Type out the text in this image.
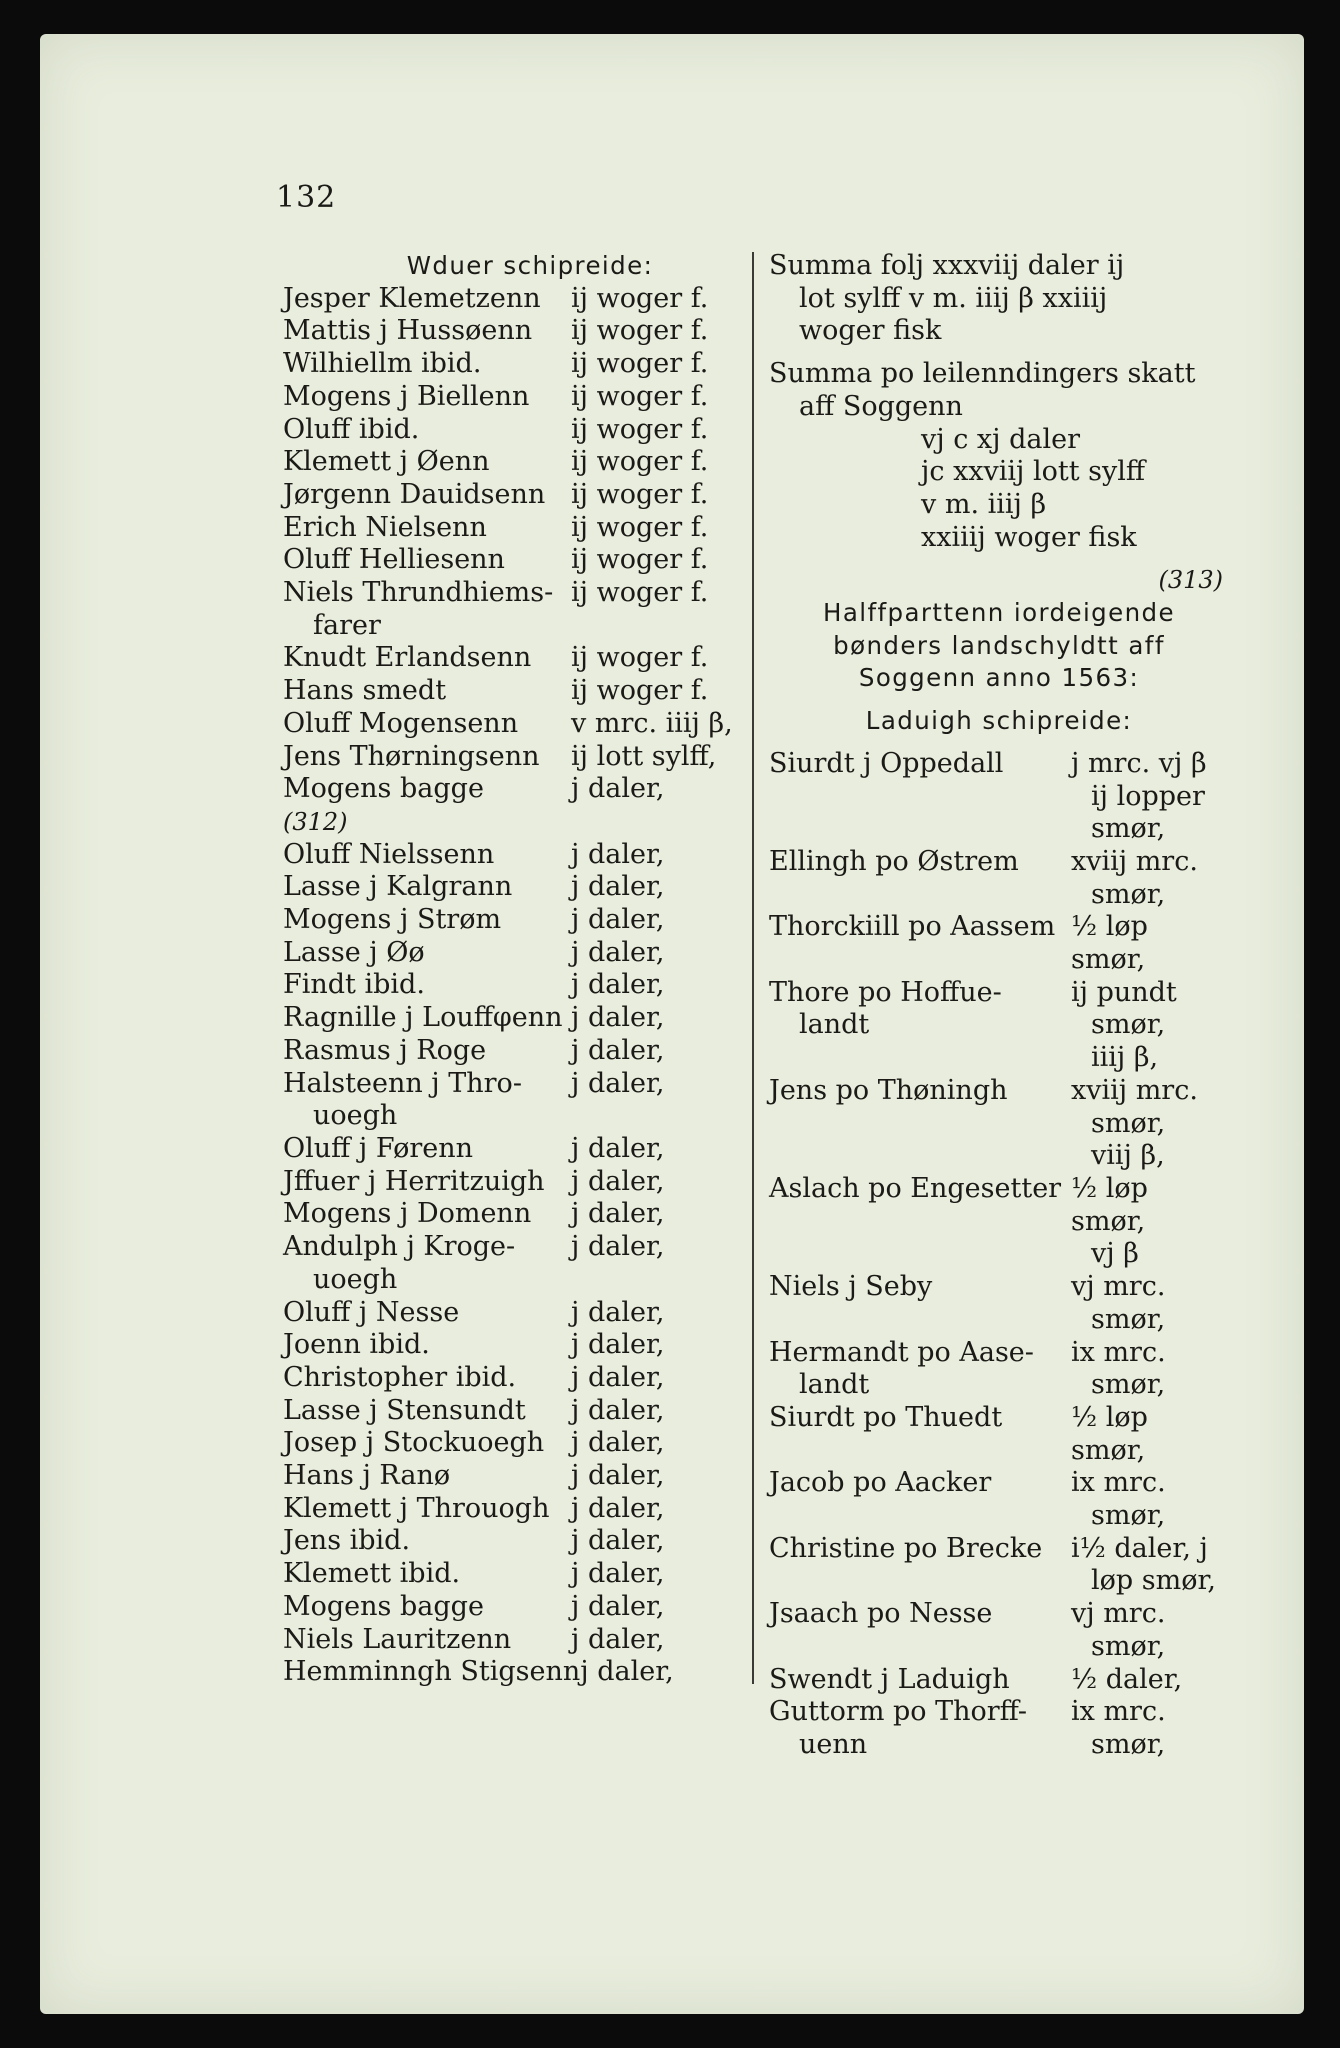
132
Wduer schipreide:
Jesper Klemetzenn	ij woger f.
Mattis j Hussøenn	ij woger f.
Wilhiellm ibid.	ij woger f.
Mogens j Biellenn	ij woger f.
Oluff ibid.	ij woger f.
Klemett j Øenn	ij woger f.
Jørgenn Dauidsenn ij woger f.
Erich Nielsenn	ij woger f.
Oluff Helliesenn	ij woger f.
Niels Thrundhiems-
farer
ij woger f.
Knudt Erlandsenn	ij woger f.
Hans smedt	ij woger f.
Oluff Mogensenn	v mrc. iiij β,
Jens Thørningsenn	ij lott sylff,
Mogens bagge	j daler,
(312)
Oluff Nielssenn	j daler,
Lasse j Kalgrann	j daler,
Mogens j Strøm	j daler,
Lasse j Øø	j daler,
Findt ibid.	j daler,
Ragnille j Louffφenn j daler,
Rasmus j Roge	j daler,
Halsteenn j Thro-
uoegh
j daler,
Oluff j Førenn	j daler,
Jffuer j Herritzuigh j daler,
Mogens j Domenn	j daler,
Andulph j Kroge-
uoegh
j daler,
Oluff j Nesse	j daler,
Joenn ibid.	j daler,
Christopher ibid.	j daler,
Lasse j Stensundt	j daler,
Josep j Stockuoegh j daler,
Hans j Ranø	j daler,
Klemett j Throuogh j daler,
Jens ibid.	j daler,
Klemett ibid.	j daler,
Mogens bagge	j daler,
Niels Lauritzenn	j daler,
Hemminngh Stigsenn j daler,
Summa folj xxxviij daler ij
lot sylff v m. iiij β xxiiij
woger fisk
Summa po leilenndingers skatt
aff Soggenn
vj c xj daler
jc xxviij lott sylff
v m. iiij β
xxiiij woger fisk
(313)
Halffparttenn iordeigende
bønders landschyldtt aff
Soggenn anno 1563:
Laduigh schipreide:
Siurdt j Oppedall	j mrc. vj β
ij lopper
smør,
Ellingh po Østrem	xviij mrc.
smør,
Thorckiill po Aassem ½ løp smør,
Thore po Hoffue-
landt
ij pundt
smør,
iiij β,
Jens po Thøningh	xviij mrc.
smør,
viij β,
Aslach po Engesetter ½ løp smør,
vj β
Niels j Seby	vj mrc.
smør,
Hermandt po Aase-
landt
ix mrc.
smør,
Siurdt po Thuedt	½ løp smør,
Jacob po Aacker	ix mrc.
smør,
Christine po Brecke	i½ daler, j
løp smør,
Jsaach po Nesse	vj mrc.
smør,
Swendt j Laduigh	½ daler,
Guttorm po Thorff-
uenn
ix mrc.
smør,
